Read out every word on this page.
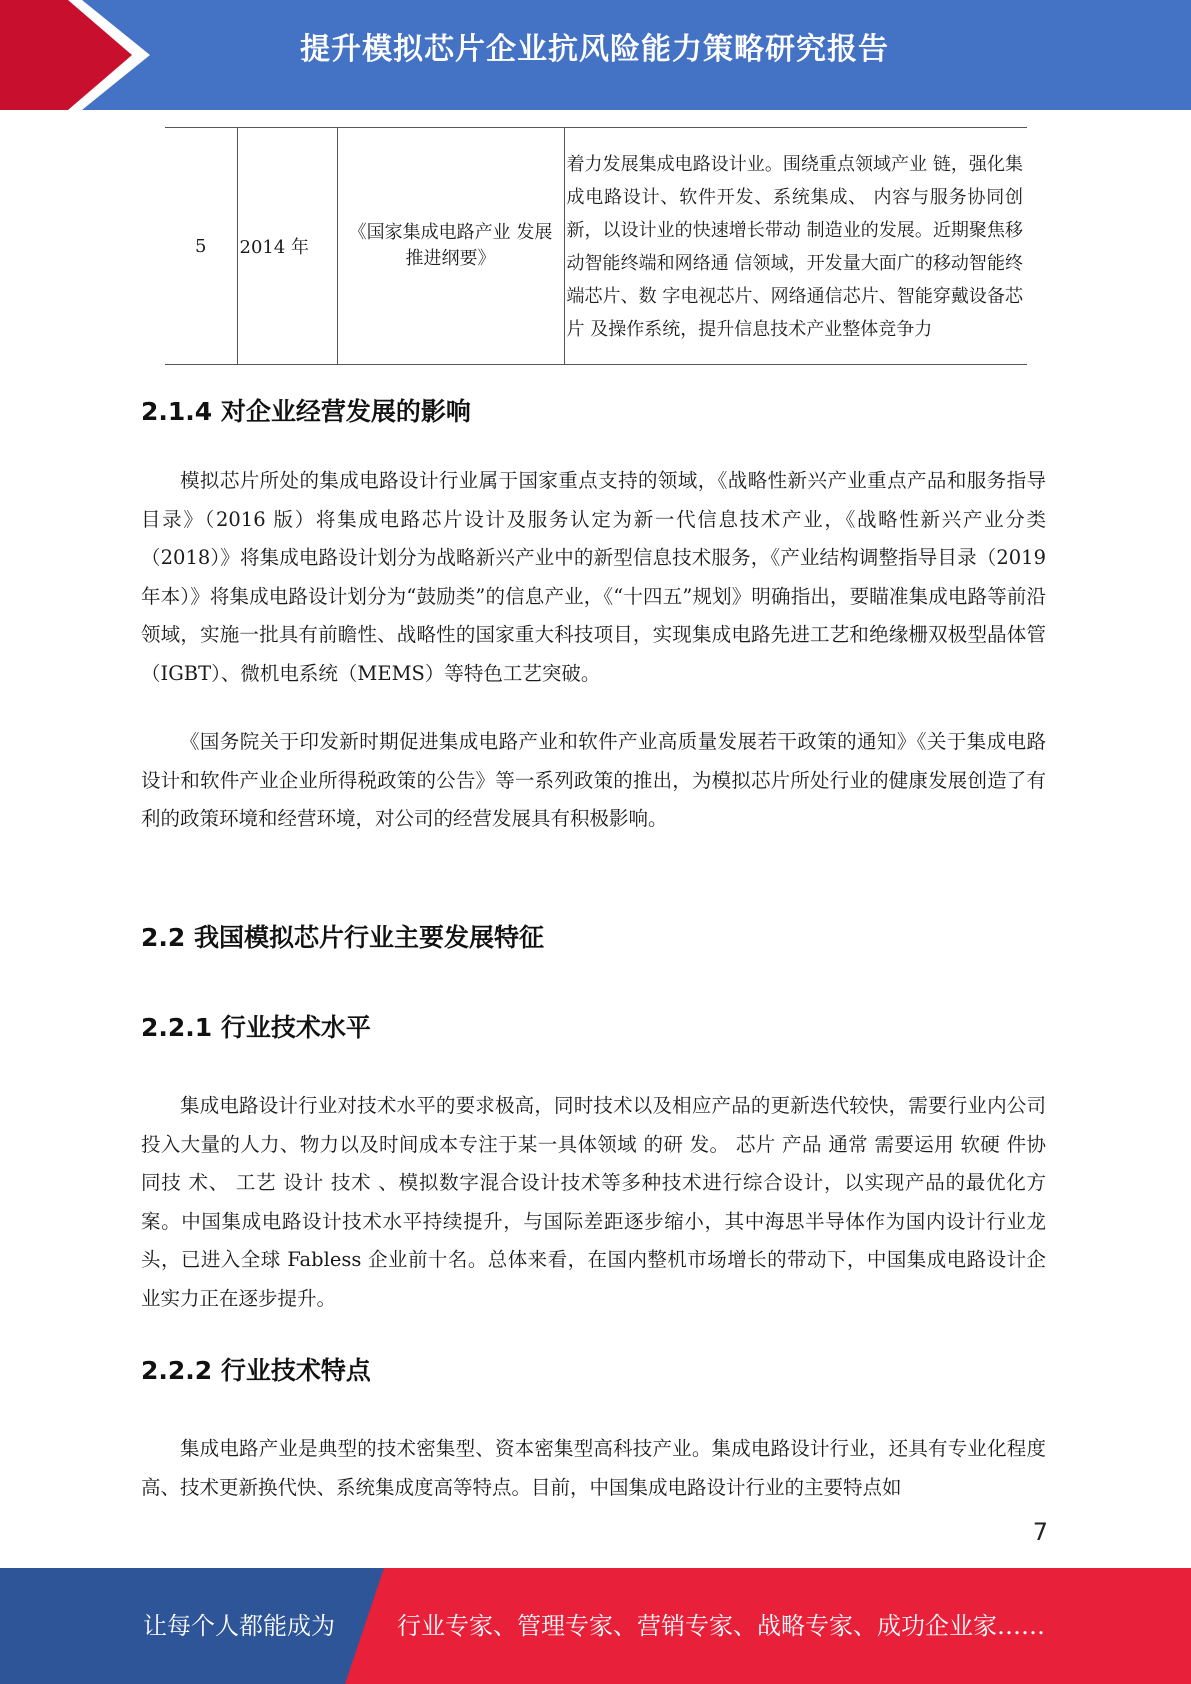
提升模拟芯片企业抗风险能力策略研究报告
5	2014 年	《国家集成电路产业 发展推进纲要》	着力发展集成电路设计业。围绕重点领域产业 链，强化集成电路设计、软件开发、系统集成、 内容与服务协同创新，以设计业的快速增长带动 制造业的发展。近期聚焦移动智能终端和网络通 信领域，开发量大面广的移动智能终端芯片、数 字电视芯片、网络通信芯片、智能穿戴设备芯片 及操作系统，提升信息技术产业整体竞争力
2.1.4 对企业经营发展的影响

模拟芯片所处的集成电路设计行业属于国家重点支持的领域，《战略性新兴产业重点产品和服务指导目录》（2016 版）将集成电路芯片设计及服务认定为新一代信息技术产业，《战略性新兴产业分类（2018）》将集成电路设计划分为战略新兴产业中的新型信息技术服务，《产业结构调整指导目录（2019 年本）》将集成电路设计划分为“鼓励类”的信息产业，《“十四五”规划》明确指出，要瞄准集成电路等前沿领域，实施一批具有前瞻性、战略性的国家重大科技项目，实现集成电路先进工艺和绝缘栅双极型晶体管（IGBT）、微机电系统（MEMS）等特色工艺突破。

《国务院关于印发新时期促进集成电路产业和软件产业高质量发展若干政策的通知》《关于集成电路设计和软件产业企业所得税政策的公告》等一系列政策的推出，为模拟芯片所处行业的健康发展创造了有利的政策环境和经营环境，对公司的经营发展具有积极影响。

2.2 我国模拟芯片行业主要发展特征
2.2.1 行业技术水平

集成电路设计行业对技术水平的要求极高，同时技术以及相应产品的更新迭代较快，需要行业内公司投入大量的人力、物力以及时间成本专注于某一具体领域 的研 发。 芯片 产品 通常 需要运用 软硬 件协 同技 术、 工艺 设计 技术 、模拟数字混合设计技术等多种技术进行综合设计，以实现产品的最优化方案。中国集成电路设计技术水平持续提升，与国际差距逐步缩小，其中海思半导体作为国内设计行业龙头，已进入全球 Fabless 企业前十名。总体来看，在国内整机市场增长的带动下，中国集成电路设计企业实力正在逐步提升。

2.2.2 行业技术特点

集成电路产业是典型的技术密集型、资本密集型高科技产业。集成电路设计行业，还具有专业化程度高、技术更新换代快、系统集成度高等特点。目前，中国集成电路设计行业的主要特点如

7
让每个人都能成为	行业专家、管理专家、营销专家、战略专家、成功企业家……
